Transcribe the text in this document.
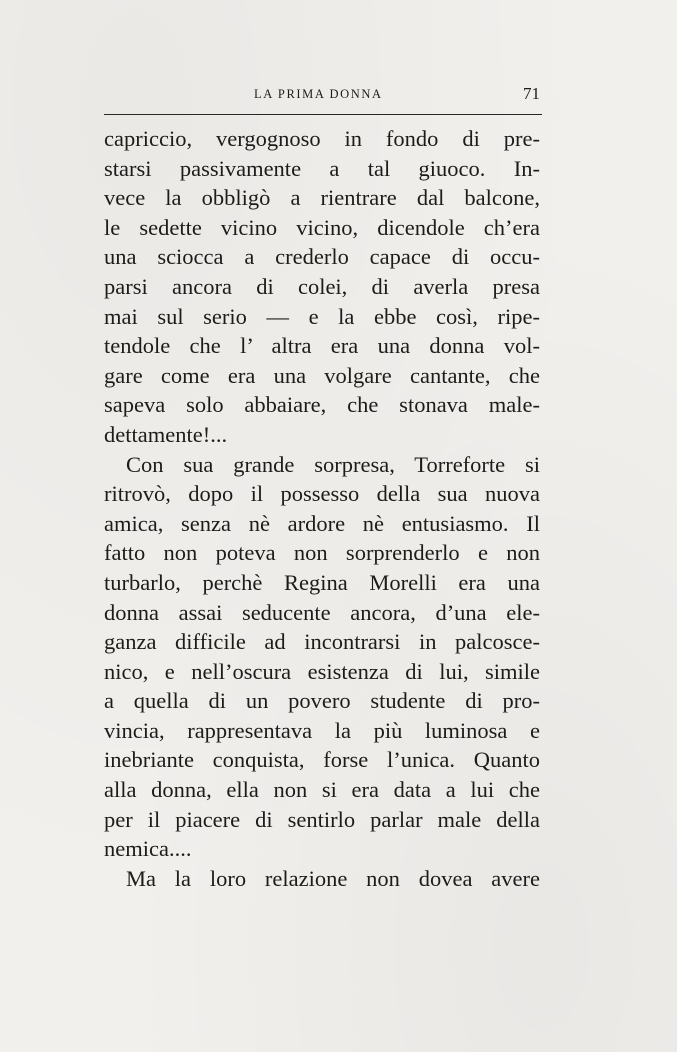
LA PRIMA DONNA	71
capriccio, vergognoso in fondo di pre-
starsi passivamente a tal giuoco. In-
vece la obbligò a rientrare dal balcone,
le sedette vicino vicino, dicendole ch’era
una sciocca a crederlo capace di occu-
parsi ancora di colei, di averla presa
mai sul serio — e la ebbe così, ripe-
tendole che l’ altra era una donna vol-
gare come era una volgare cantante, che
sapeva solo abbaiare, che stonava male-
dettamente!...
Con sua grande sorpresa, Torreforte si
ritrovò, dopo il possesso della sua nuova
amica, senza nè ardore nè entusiasmo. Il
fatto non poteva non sorprenderlo e non
turbarlo, perchè Regina Morelli era una
donna assai seducente ancora, d’una ele-
ganza difficile ad incontrarsi in palcosce-
nico, e nell’oscura esistenza di lui, simile
a quella di un povero studente di pro-
vincia, rappresentava la più luminosa e
inebriante conquista, forse l’unica. Quanto
alla donna, ella non si era data a lui che
per il piacere di sentirlo parlar male della
nemica....
Ma la loro relazione non dovea avere
